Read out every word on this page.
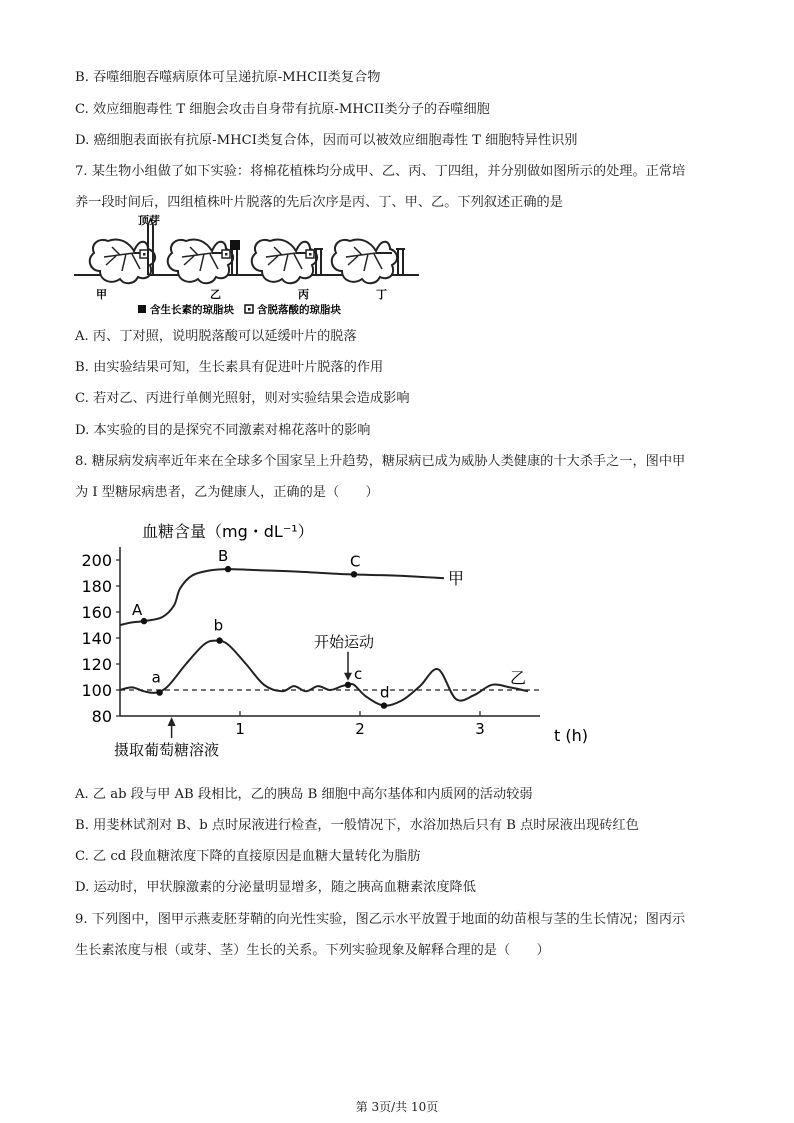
B. 吞噬细胞吞噬病原体可呈递抗原-MHCII类复合物
C. 效应细胞毒性 T 细胞会攻击自身带有抗原-MHCII类分子的吞噬细胞
D. 癌细胞表面嵌有抗原-MHCI类复合体，因而可以被效应细胞毒性 T 细胞特异性识别
7. 某生物小组做了如下实验：将棉花植株均分成甲、乙、丙、丁四组，并分别做如图所示的处理。正常培
养一段时间后，四组植株叶片脱落的先后次序是丙、丁、甲、乙。下列叙述正确的是
顶芽
甲	乙	丙	丁
含生长素的琼脂块 含脱落酸的琼脂块
A. 丙、丁对照，说明脱落酸可以延缓叶片的脱落
B. 由实验结果可知，生长素具有促进叶片脱落的作用
C. 若对乙、丙进行单侧光照射，则对实验结果会造成影响
D. 本实验的目的是探究不同激素对棉花落叶的影响
8. 糖尿病发病率近年来在全球多个国家呈上升趋势，糖尿病已成为威胁人类健康的十大杀手之一，图中甲
为 I 型糖尿病患者，乙为健康人，正确的是（　　）
血糖含量（mg・dL⁻¹）
t (h)
80
100
120
140
160
180
200
1	2	3
甲
乙
A
B	C
a
b
c
d
开始运动
摄取葡萄糖溶液
A. 乙 ab 段与甲 AB 段相比，乙的胰岛 B 细胞中高尔基体和内质网的活动较弱
B. 用斐林试剂对 B、b 点时尿液进行检查，一般情况下，水浴加热后只有 B 点时尿液出现砖红色
C. 乙 cd 段血糖浓度下降的直接原因是血糖大量转化为脂肪
D. 运动时，甲状腺激素的分泌量明显增多，随之胰高血糖素浓度降低
9. 下列图中，图甲示燕麦胚芽鞘的向光性实验，图乙示水平放置于地面的幼苗根与茎的生长情况；图丙示
生长素浓度与根（或芽、茎）生长的关系。下列实验现象及解释合理的是（　　）
第 3页/共 10页
